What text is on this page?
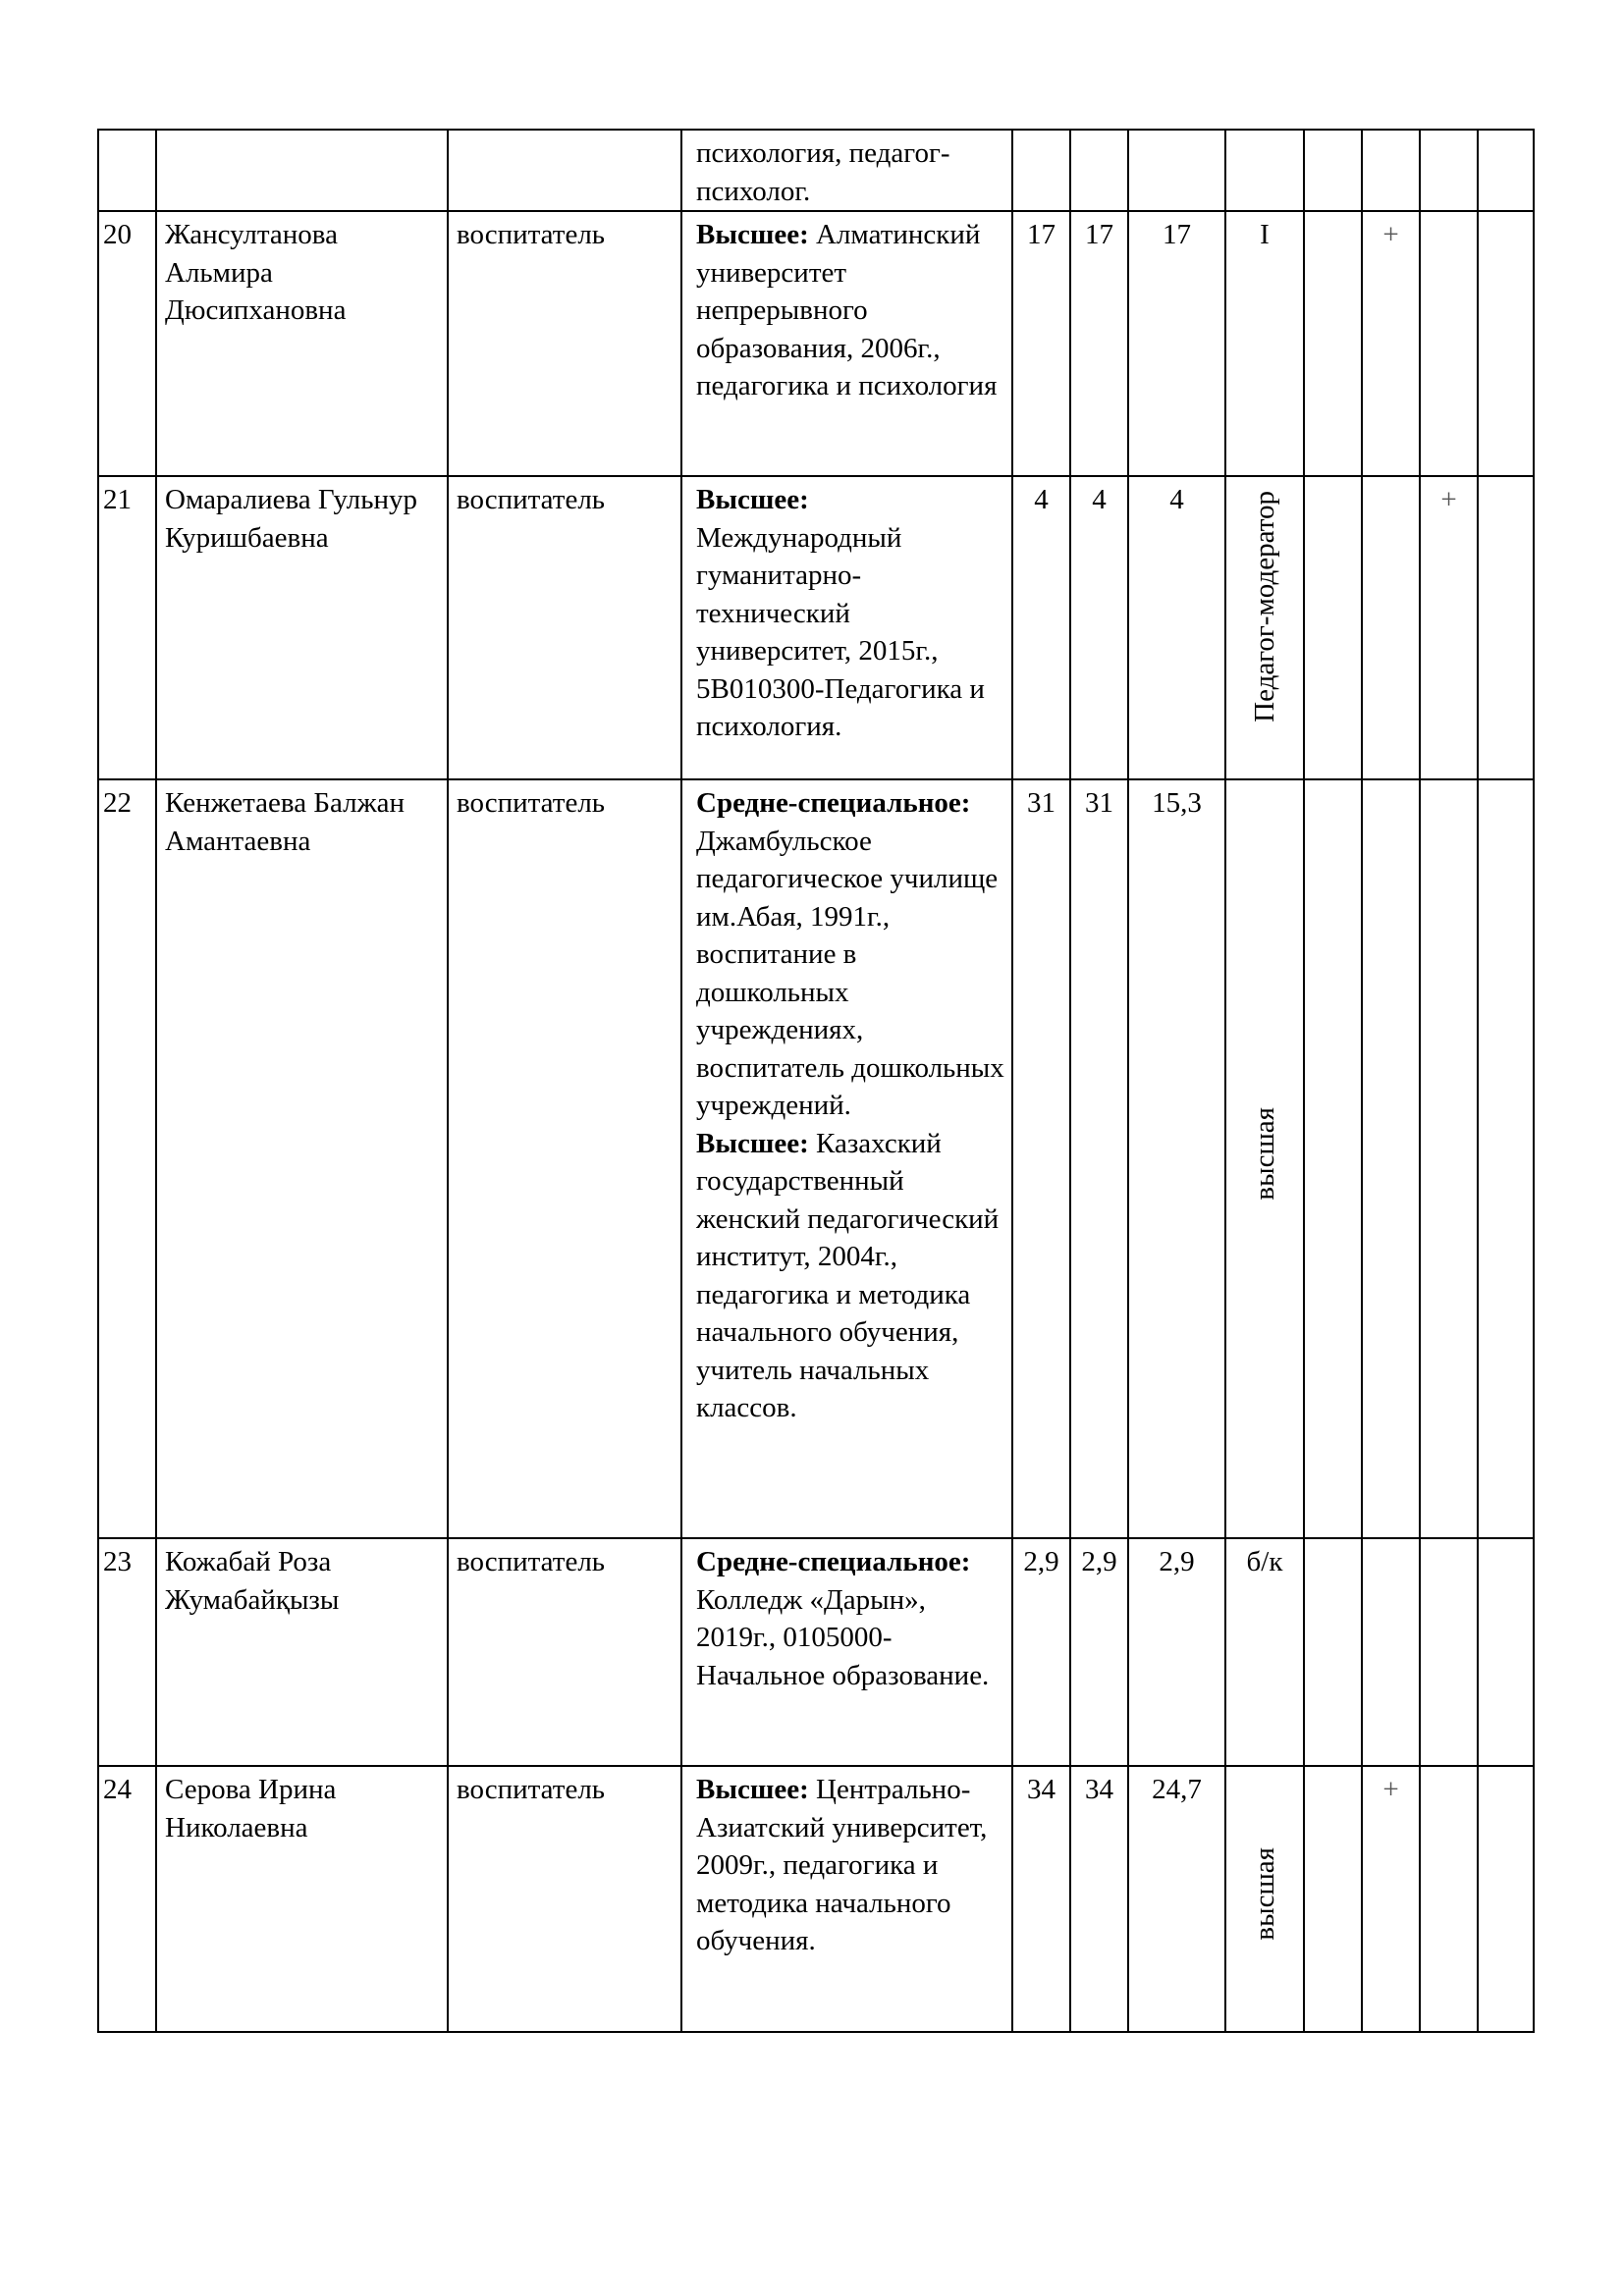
			психология, педагог-психолог.								
20	Жансултанова Альмира Дюсипхановна	воспитатель	Высшее: Алматинский университет непрерывного образования, 2006г., педагогика и психология	17	17	17	I		+		
21	Омаралиева Гульнур Куришбаевна	воспитатель	Высшее: Международный гуманитарно-технический университет, 2015г., 5В010300-Педагогика и психология.	4	4	4	Педагог-модератор			+	
22	Кенжетаева Балжан Амантаевна	воспитатель	Средне-специальное: Джамбульское педагогическое училище им.Абая, 1991г., воспитание в дошкольных учреждениях, воспитатель дошкольных учреждений.
Высшее: Казахский государственный женский педагогический институт, 2004г., педагогика и методика начального обучения, учитель начальных классов.	31	31	15,3	высшая				
23	Кожабай Роза Жумабайқызы	воспитатель	Средне-специальное: Колледж «Дарын», 2019г., 0105000-Начальное образование.	2,9	2,9	2,9	б/к				
24	Серова Ирина Николаевна	воспитатель	Высшее: Центрально-Азиатский университет, 2009г., педагогика и методика начального обучения.	34	34	24,7	высшая		+		
